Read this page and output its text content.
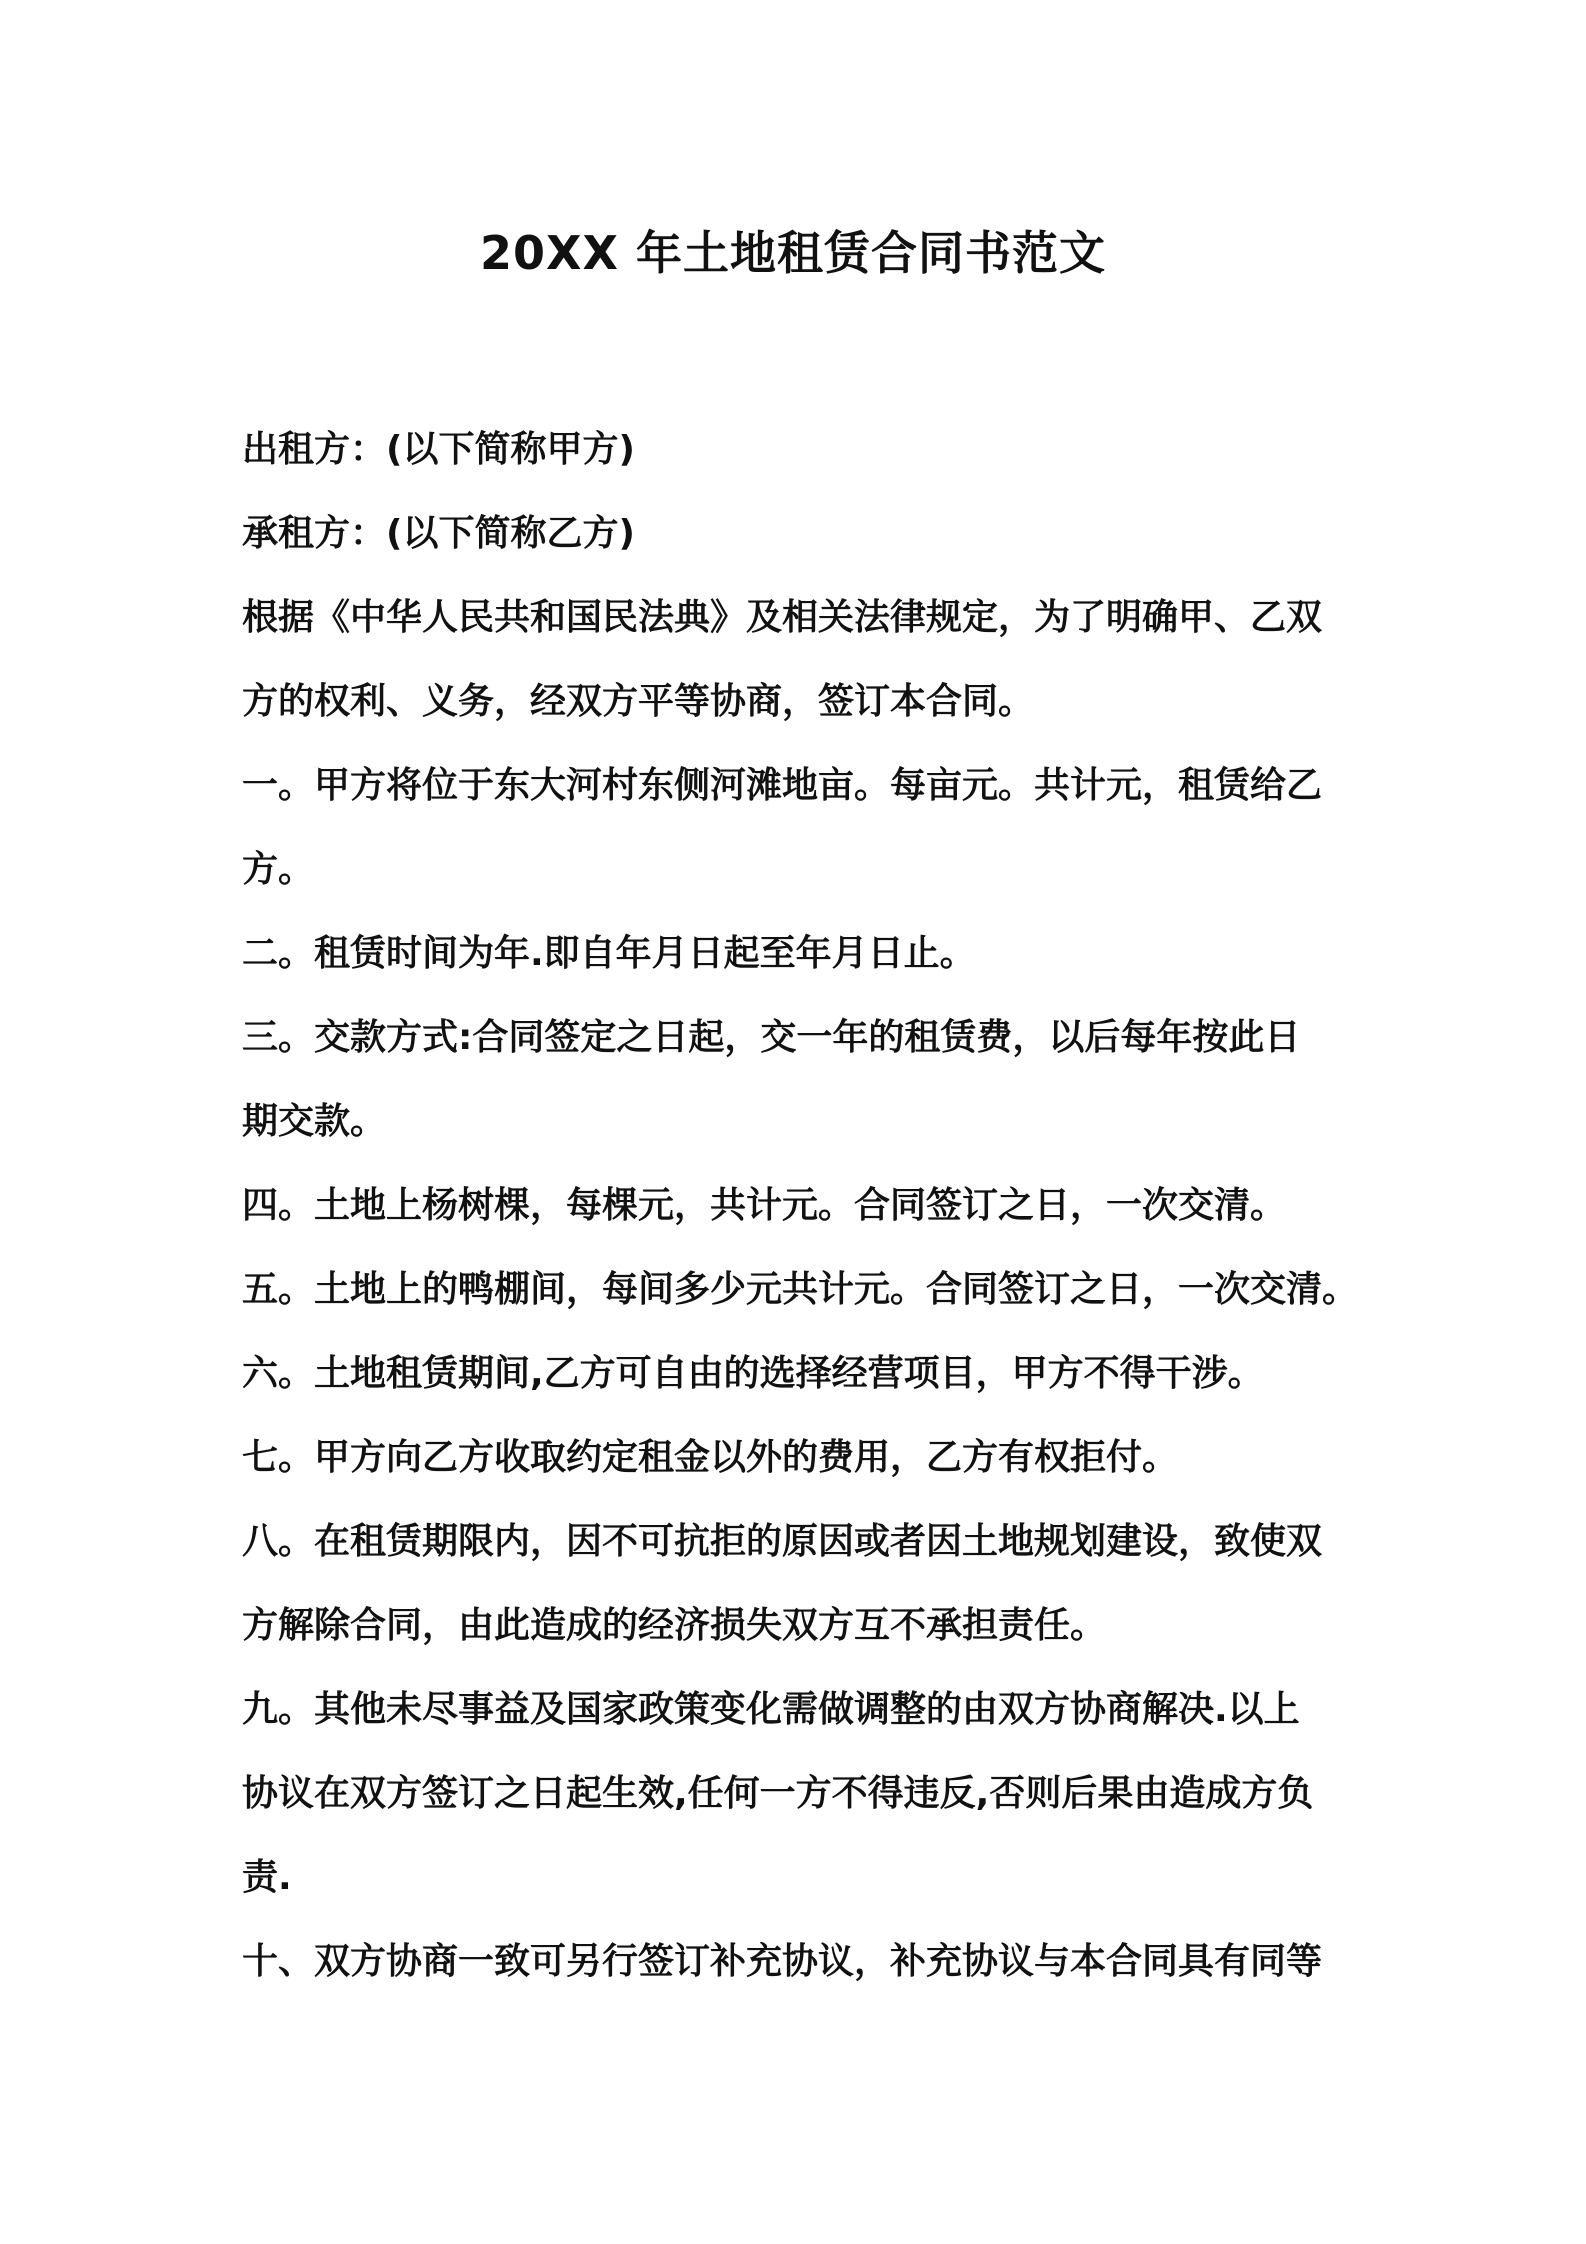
20XX 年土地租赁合同书范文

出租方：(以下简称甲方)

承租方：(以下简称乙方)

根据《中华人民共和国民法典》及相关法律规定，为了明确甲、乙双

方的权利、义务，经双方平等协商，签订本合同。

一。甲方将位于东大河村东侧河滩地亩。每亩元。共计元，租赁给乙

方。

二。租赁时间为年.即自年月日起至年月日止。

三。交款方式:合同签定之日起，交一年的租赁费，以后每年按此日

期交款。

四。土地上杨树棵，每棵元，共计元。合同签订之日，一次交清。

五。土地上的鸭棚间，每间多少元共计元。合同签订之日，一次交清。

六。土地租赁期间,乙方可自由的选择经营项目，甲方不得干涉。

七。甲方向乙方收取约定租金以外的费用，乙方有权拒付。

八。在租赁期限内，因不可抗拒的原因或者因土地规划建设，致使双

方解除合同，由此造成的经济损失双方互不承担责任。

九。其他未尽事益及国家政策变化需做调整的由双方协商解决.以上

协议在双方签订之日起生效,任何一方不得违反,否则后果由造成方负

责.

十、双方协商一致可另行签订补充协议，补充协议与本合同具有同等
